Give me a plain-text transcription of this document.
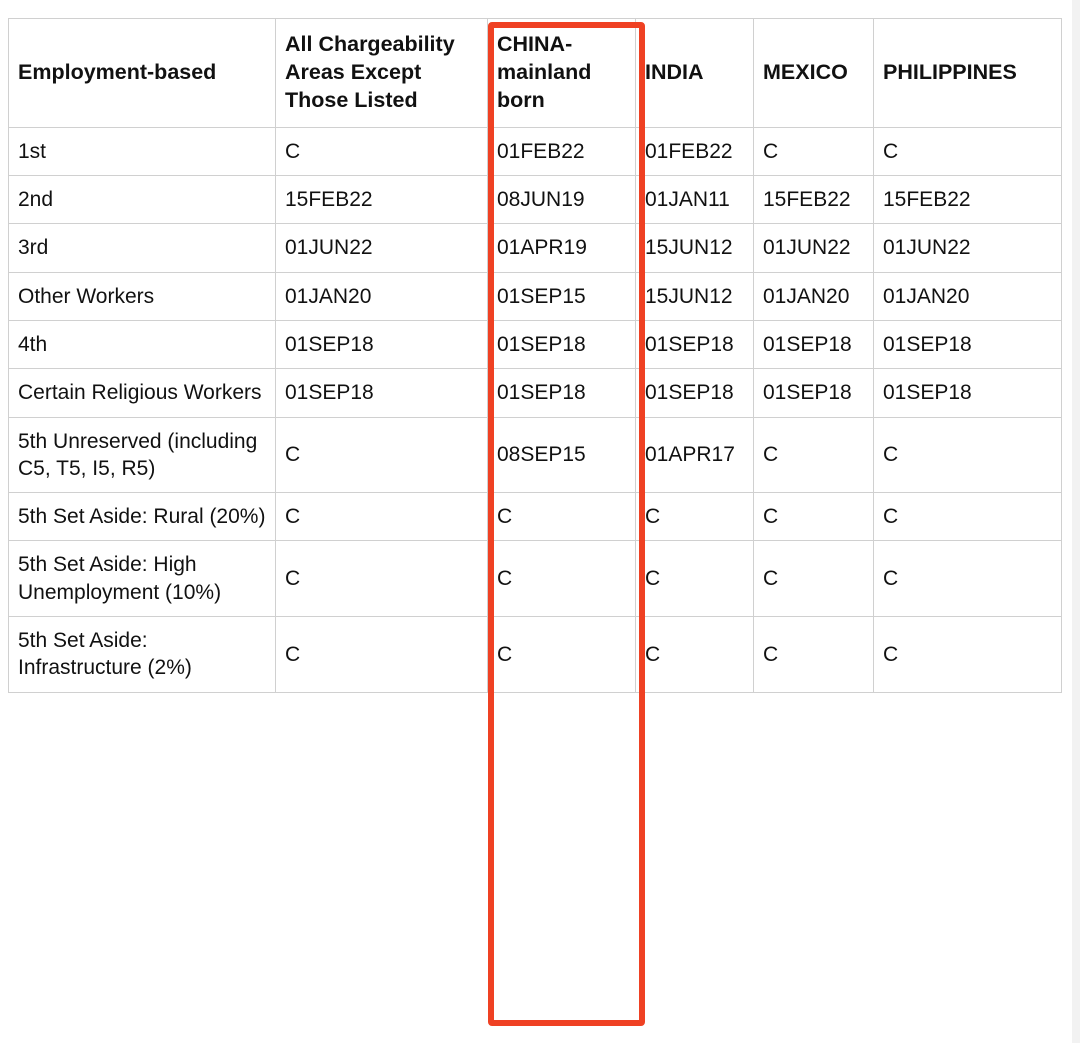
Employment-based	All Chargeability Areas Except Those Listed	CHINA-mainland born	INDIA	MEXICO	PHILIPPINES
1st	C	01FEB22	01FEB22	C	C
2nd	15FEB22	08JUN19	01JAN11	15FEB22	15FEB22
3rd	01JUN22	01APR19	15JUN12	01JUN22	01JUN22
Other Workers	01JAN20	01SEP15	15JUN12	01JAN20	01JAN20
4th	01SEP18	01SEP18	01SEP18	01SEP18	01SEP18
Certain Religious Workers	01SEP18	01SEP18	01SEP18	01SEP18	01SEP18
5th Unreserved (including C5, T5, I5, R5)	C	08SEP15	01APR17	C	C
5th Set Aside: Rural (20%)	C	C	C	C	C
5th Set Aside: High Unemployment (10%)	C	C	C	C	C
5th Set Aside: Infrastructure (2%)	C	C	C	C	C
